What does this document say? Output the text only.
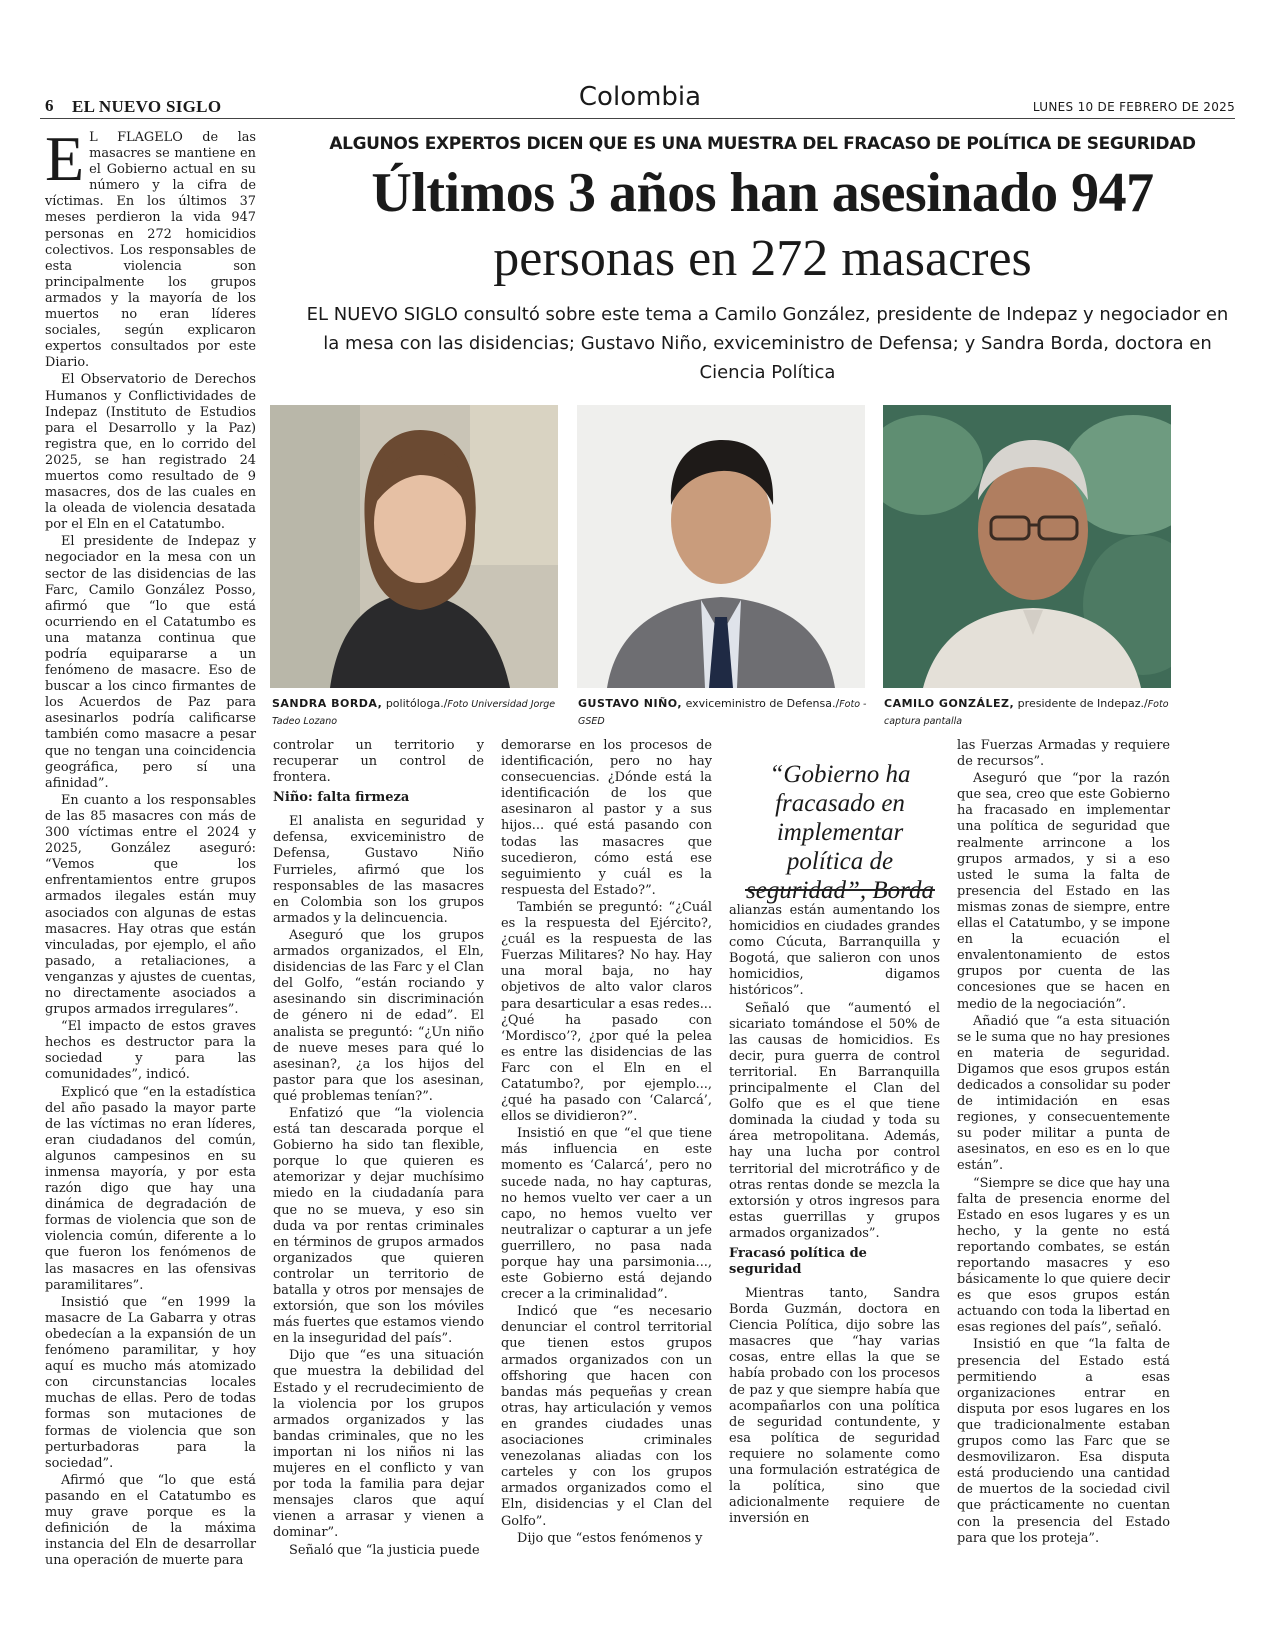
6 EL NUEVO SIGLO	Colombia	LUNES 10 DE FEBRERO DE 2025
ALGUNOS EXPERTOS DICEN QUE ES UNA MUESTRA DEL FRACASO DE POLÍTICA DE SEGURIDAD
Últimos 3 años han asesinado 947
personas en 272 masacres
EL NUEVO SIGLO consultó sobre este tema a Camilo González, presidente de Indepaz y negociador en la mesa con las disidencias; Gustavo Niño, exviceministro de Defensa; y Sandra Borda, doctora en Ciencia Política
SANDRA BORDA, politóloga./Foto Universidad Jorge Tadeo Lozano
GUSTAVO NIÑO, exviceministro de Defensa./Foto - GSED
CAMILO GONZÁLEZ, presidente de Indepaz./Foto captura pantalla

E L FLAGELO de las masacres se mantiene en el Gobierno actual en su número y la cifra de víctimas. En los últimos 37 meses perdieron la vida 947 personas en 272 homicidios colectivos. Los responsables de esta violencia son principalmente los grupos armados y la mayoría de los muertos no eran líderes sociales, según explicaron expertos consultados por este Diario.

El Observatorio de Derechos Humanos y Conflictividades de Indepaz (Instituto de Estudios para el Desarrollo y la Paz) registra que, en lo corrido del 2025, se han registrado 24 muertos como resultado de 9 masacres, dos de las cuales en la oleada de violencia desatada por el Eln en el Catatumbo.

El presidente de Indepaz y negociador en la mesa con un sector de las disidencias de las Farc, Camilo González Posso, afirmó que “lo que está ocurriendo en el Catatumbo es una matanza continua que podría equipararse a un fenómeno de masacre. Eso de buscar a los cinco firmantes de los Acuerdos de Paz para asesinarlos podría calificarse también como masacre a pesar que no tengan una coincidencia geográfica, pero sí una afinidad”.

En cuanto a los responsables de las 85 masacres con más de 300 víctimas entre el 2024 y 2025, González aseguró: “Vemos que los enfrentamientos entre grupos armados ilegales están muy asociados con algunas de estas masacres. Hay otras que están vinculadas, por ejemplo, el año pasado, a retaliaciones, a venganzas y ajustes de cuentas, no directamente asociados a grupos armados irregulares”.

“El impacto de estos graves hechos es destructor para la sociedad y para las comunidades”, indicó.

Explicó que “en la estadística del año pasado la mayor parte de las víctimas no eran líderes, eran ciudadanos del común, algunos campesinos en su inmensa mayoría, y por esta razón digo que hay una dinámica de degradación de formas de violencia que son de violencia común, diferente a lo que fueron los fenómenos de las masacres en las ofensivas paramilitares”.

Insistió que “en 1999 la masacre de La Gabarra y otras obedecían a la expansión de un fenómeno paramilitar, y hoy aquí es mucho más atomizado con circunstancias locales muchas de ellas. Pero de todas formas son mutaciones de formas de violencia que son perturbadoras para la sociedad”.

Afirmó que “lo que está pasando en el Catatumbo es muy grave porque es la definición de la máxima instancia del Eln de desarrollar una operación de muerte para

controlar un territorio y recuperar un control de frontera.

Niño: falta firmeza

El analista en seguridad y defensa, exviceministro de Defensa, Gustavo Niño Furrieles, afirmó que los responsables de las masacres en Colombia son los grupos armados y la delincuencia.

Aseguró que los grupos armados organizados, el Eln, disidencias de las Farc y el Clan del Golfo, “están rociando y asesinando sin discriminación de género ni de edad”. El analista se preguntó: “¿Un niño de nueve meses para qué lo asesinan?, ¿a los hijos del pastor para que los asesinan, qué problemas tenían?”.

Enfatizó que “la violencia está tan descarada porque el Gobierno ha sido tan flexible, porque lo que quieren es atemorizar y dejar muchísimo miedo en la ciudadanía para que no se mueva, y eso sin duda va por rentas criminales en términos de grupos armados organizados que quieren controlar un territorio de batalla y otros por mensajes de extorsión, que son los móviles más fuertes que estamos viendo en la inseguridad del país”.

Dijo que “es una situación que muestra la debilidad del Estado y el recrudecimiento de la violencia por los grupos armados organizados y las bandas criminales, que no les importan ni los niños ni las mujeres en el conflicto y van por toda la familia para dejar mensajes claros que aquí vienen a arrasar y vienen a dominar”.

Señaló que “la justicia puede

demorarse en los procesos de identificación, pero no hay consecuencias. ¿Dónde está la identificación de los que asesinaron al pastor y a sus hijos... qué está pasando con todas las masacres que sucedieron, cómo está ese seguimiento y cuál es la respuesta del Estado?”.

También se preguntó: “¿Cuál es la respuesta del Ejército?, ¿cuál es la respuesta de las Fuerzas Militares? No hay. Hay una moral baja, no hay objetivos de alto valor claros para desarticular a esas redes... ¿Qué ha pasado con ‘Mordisco’?, ¿por qué la pelea es entre las disidencias de las Farc con el Eln en el Catatumbo?, por ejemplo..., ¿qué ha pasado con ‘Calarcá’, ellos se dividieron?”.

Insistió en que “el que tiene más influencia en este momento es ‘Calarcá’, pero no sucede nada, no hay capturas, no hemos vuelto ver caer a un capo, no hemos vuelto ver neutralizar o capturar a un jefe guerrillero, no pasa nada porque hay una parsimonia..., este Gobierno está dejando crecer a la criminalidad”.

Indicó que “es necesario denunciar el control territorial que tienen estos grupos armados organizados con un offshoring que hacen con bandas más pequeñas y crean otras, hay articulación y vemos en grandes ciudades unas asociaciones criminales venezolanas aliadas con los carteles y con los grupos armados organizados como el Eln, disidencias y el Clan del Golfo”.

Dijo que “estos fenómenos y

“Gobierno ha fracasado en implementar política de seguridad”, Borda

alianzas están aumentando los homicidios en ciudades grandes como Cúcuta, Barranquilla y Bogotá, que salieron con unos homicidios, digamos históricos”.

Señaló que “aumentó el sicariato tomándose el 50% de las causas de homicidios. Es decir, pura guerra de control territorial. En Barranquilla principalmente el Clan del Golfo que es el que tiene dominada la ciudad y toda su área metropolitana. Además, hay una lucha por control territorial del microtráfico y de otras rentas donde se mezcla la extorsión y otros ingresos para estas guerrillas y grupos armados organizados”.

Fracasó política de seguridad

Mientras tanto, Sandra Borda Guzmán, doctora en Ciencia Política, dijo sobre las masacres que “hay varias cosas, entre ellas la que se había probado con los procesos de paz y que siempre había que acompañarlos con una política de seguridad contundente, y esa política de seguridad requiere no solamente como una formulación estratégica de la política, sino que adicionalmente requiere de inversión en

las Fuerzas Armadas y requiere de recursos”.

Aseguró que “por la razón que sea, creo que este Gobierno ha fracasado en implementar una política de seguridad que realmente arrincone a los grupos armados, y si a eso usted le suma la falta de presencia del Estado en las mismas zonas de siempre, entre ellas el Catatumbo, y se impone en la ecuación el envalentonamiento de estos grupos por cuenta de las concesiones que se hacen en medio de la negociación”.

Añadió que “a esta situación se le suma que no hay presiones en materia de seguridad. Digamos que esos grupos están dedicados a consolidar su poder de intimidación en esas regiones, y consecuentemente su poder militar a punta de asesinatos, en eso es en lo que están”.

“Siempre se dice que hay una falta de presencia enorme del Estado en esos lugares y es un hecho, y la gente no está reportando combates, se están reportando masacres y eso básicamente lo que quiere decir es que esos grupos están actuando con toda la libertad en esas regiones del país”, señaló.

Insistió en que “la falta de presencia del Estado está permitiendo a esas organizaciones entrar en disputa por esos lugares en los que tradicionalmente estaban grupos como las Farc que se desmovilizaron. Esa disputa está produciendo una cantidad de muertos de la sociedad civil que prácticamente no cuentan con la presencia del Estado para que los proteja”.
